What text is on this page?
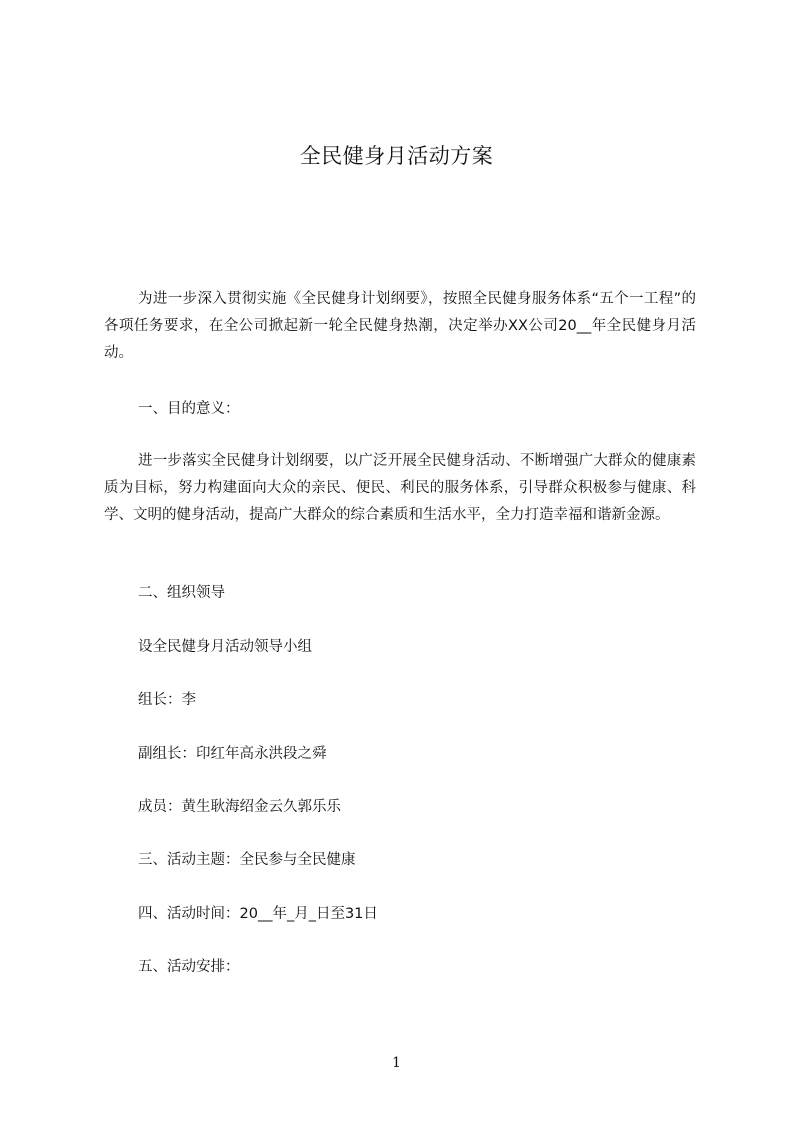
全民健身月活动方案
为进一步深入贯彻实施《全民健身计划纲要》，按照全民健身服务体系“五个一工程”的各项任务要求，在全公司掀起新一轮全民健身热潮，决定举办XX公司20__年全民健身月活动。
一、目的意义：
进一步落实全民健身计划纲要，以广泛开展全民健身活动、不断增强广大群众的健康素质为目标，努力构建面向大众的亲民、便民、利民的服务体系，引导群众积极参与健康、科学、文明的健身活动，提高广大群众的综合素质和生活水平，全力打造幸福和谐新金源。
二、组织领导
设全民健身月活动领导小组
组长：李
副组长：印红年高永洪段之舜
成员：黄生耿海绍金云久郭乐乐
三、活动主题：全民参与全民健康
四、活动时间：20__年_月_日至31日
五、活动安排：
1
